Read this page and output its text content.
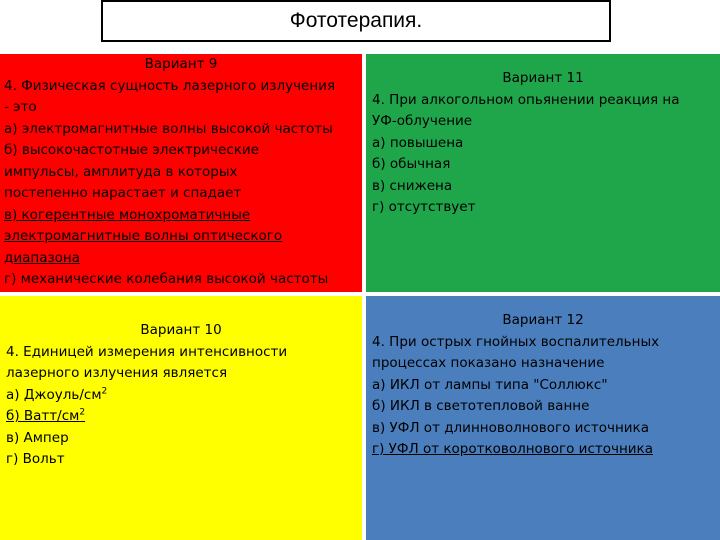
Фототерапия.
Вариант 9
4. Физическая сущность лазерного излучения
- это
а) электромагнитные волны высокой частоты
б) высокочастотные электрические
импульсы, амплитуда в которых
постепенно нарастает и спадает
в) когерентные монохроматичные
электромагнитные волны оптического
диапазона
г) механические колебания высокой частоты
Вариант 11
4. При алкогольном опьянении реакция на
УФ-облучение
а) повышена
б) обычная
в) снижена
г) отсутствует
Вариант 10
4. Единицей измерения интенсивности
лазерного излучения является
а) Джоуль/$см^2$
б) Ватт/$см^2$
в) Ампер
г) Вольт
Вариант 12
4. При острых гнойных воспалительных
процессах показано назначение
а) ИКЛ от лампы типа "Соллюкс"
б) ИКЛ в светотепловой ванне
в) УФЛ от длинноволнового источника
г) УФЛ от коротковолнового источника
